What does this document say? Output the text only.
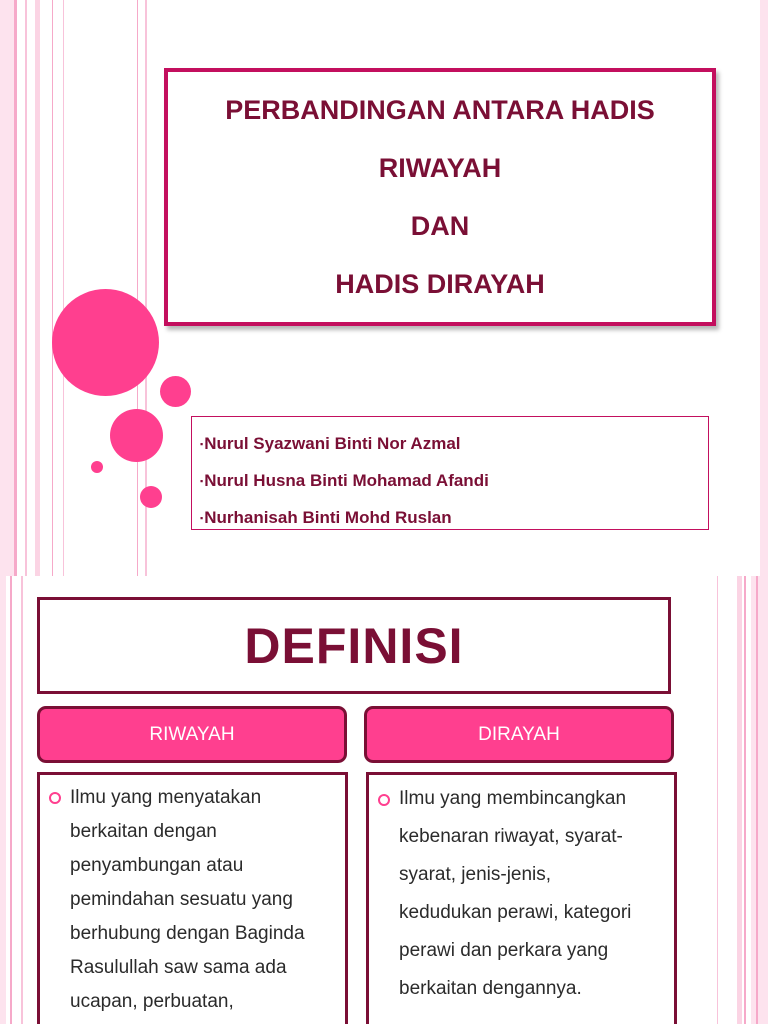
PERBANDINGAN ANTARA HADIS
RIWAYAH
DAN
HADIS DIRAYAH
▪ Nurul Syazwani Binti Nor Azmal
▪ Nurul Husna Binti Mohamad Afandi
▪ Nurhanisah Binti Mohd Ruslan
DEFINISI
RIWAYAH	DIRAYAH
Ilmu yang menyatakan
berkaitan dengan
penyambungan atau
pemindahan sesuatu yang
berhubung dengan Baginda
Rasulullah saw sama ada
ucapan, perbuatan,
Ilmu yang membincangkan
kebenaran riwayat, syarat-
syarat, jenis-jenis,
kedudukan perawi, kategori
perawi dan perkara yang
berkaitan dengannya.
